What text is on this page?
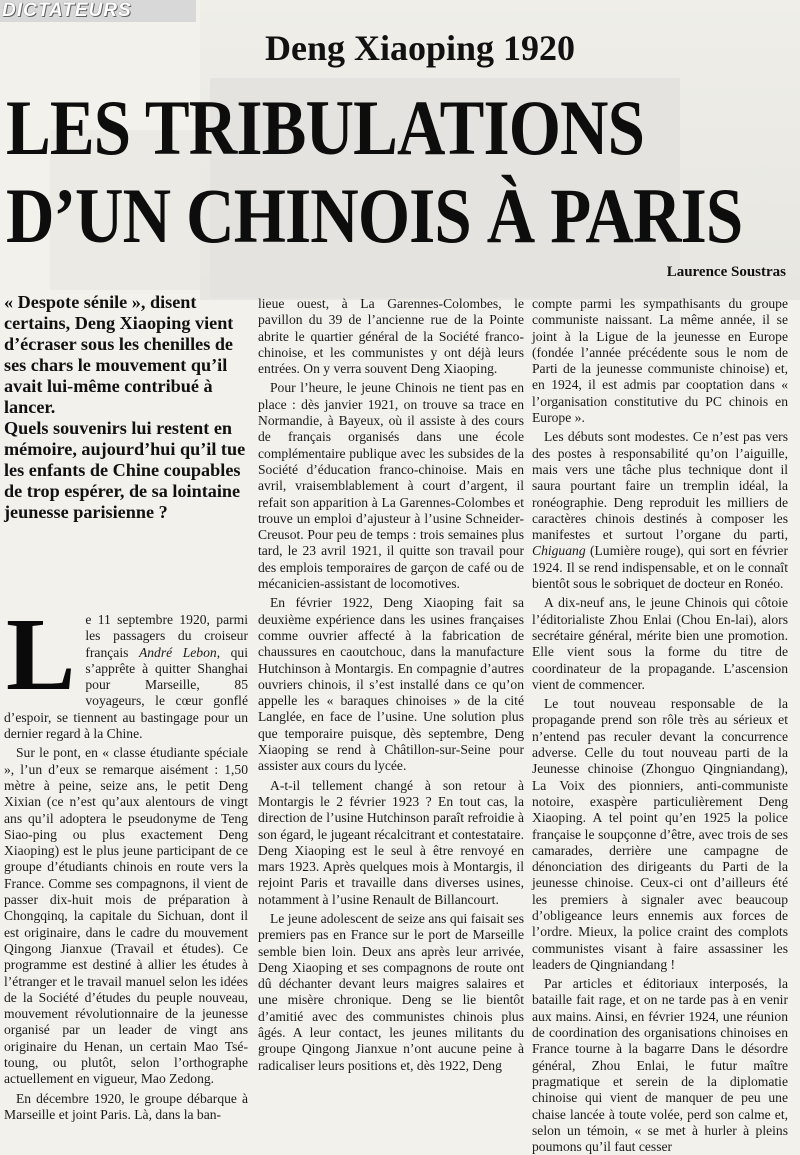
DICTATEURS
Deng Xiaoping 1920
LES TRIBULATIONS
D’UN CHINOIS À PARIS
Laurence Soustras

« Despote sénile », disent certains, Deng Xiaoping vient d’écraser sous les chenilles de ses chars le mouvement qu’il avait lui-même contribué à lancer.

Quels souvenirs lui restent en mémoire, aujourd’hui qu’il tue les enfants de Chine coupables de trop espérer, de sa lointaine jeunesse parisienne ?

Le 11 septembre 1920, parmi les passagers du croiseur français André Lebon, qui s’apprête à quitter Shanghai pour Marseille, 85 voyageurs, le cœur gonflé d’espoir, se tiennent au bastingage pour un dernier regard à la Chine.

Sur le pont, en « classe étudiante spéciale », l’un d’eux se remarque aisément : 1,50 mètre à peine, seize ans, le petit Deng Xixian (ce n’est qu’aux alentours de vingt ans qu’il adoptera le pseudonyme de Teng Siao-ping ou plus exactement Deng Xiaoping) est le plus jeune participant de ce groupe d’étudiants chinois en route vers la France. Comme ses compagnons, il vient de passer dix-huit mois de préparation à Chongqinq, la capitale du Sichuan, dont il est originaire, dans le cadre du mouvement Qingong Jianxue (Travail et études). Ce programme est destiné à allier les études à l’étranger et le travail manuel selon les idées de la Société d’études du peuple nouveau, mouvement révolutionnaire de la jeunesse organisé par un leader de vingt ans originaire du Henan, un certain Mao Tsé-toung, ou plutôt, selon l’orthographe actuellement en vigueur, Mao Zedong.

En décembre 1920, le groupe débarque à Marseille et joint Paris. Là, dans la ban-

lieue ouest, à La Garennes-Colombes, le pavillon du 39 de l’ancienne rue de la Pointe abrite le quartier général de la Société franco-chinoise, et les communistes y ont déjà leurs entrées. On y verra souvent Deng Xiaoping.

Pour l’heure, le jeune Chinois ne tient pas en place : dès janvier 1921, on trouve sa trace en Normandie, à Bayeux, où il assiste à des cours de français organisés dans une école complémentaire publique avec les subsides de la Société d’éducation franco-chinoise. Mais en avril, vraisemblablement à court d’argent, il refait son apparition à La Garennes-Colombes et trouve un emploi d’ajusteur à l’usine Schneider-Creusot. Pour peu de temps : trois semaines plus tard, le 23 avril 1921, il quitte son travail pour des emplois temporaires de garçon de café ou de mécanicien-assistant de locomotives.

En février 1922, Deng Xiaoping fait sa deuxième expérience dans les usines françaises comme ouvrier affecté à la fabrication de chaussures en caoutchouc, dans la manufacture Hutchinson à Montargis. En compagnie d’autres ouvriers chinois, il s’est installé dans ce qu’on appelle les « baraques chinoises » de la cité Langlée, en face de l’usine. Une solution plus que temporaire puisque, dès septembre, Deng Xiaoping se rend à Châtillon-sur-Seine pour assister aux cours du lycée.

A-t-il tellement changé à son retour à Montargis le 2 février 1923 ? En tout cas, la direction de l’usine Hutchinson paraît refroidie à son égard, le jugeant récalcitrant et contestataire. Deng Xiaoping est le seul à être renvoyé en mars 1923. Après quelques mois à Montargis, il rejoint Paris et travaille dans diverses usines, notamment à l’usine Renault de Billancourt.

Le jeune adolescent de seize ans qui faisait ses premiers pas en France sur le port de Marseille semble bien loin. Deux ans après leur arrivée, Deng Xiaoping et ses compagnons de route ont dû déchanter devant leurs maigres salaires et une misère chronique. Deng se lie bientôt d’amitié avec des communistes chinois plus âgés. A leur contact, les jeunes militants du groupe Qingong Jianxue n’ont aucune peine à radicaliser leurs positions et, dès 1922, Deng

compte parmi les sympathisants du groupe communiste naissant. La même année, il se joint à la Ligue de la jeunesse en Europe (fondée l’année précédente sous le nom de Parti de la jeunesse communiste chinoise) et, en 1924, il est admis par cooptation dans « l’organisation constitutive du PC chinois en Europe ».

Les débuts sont modestes. Ce n’est pas vers des postes à responsabilité qu’on l’aiguille, mais vers une tâche plus technique dont il saura pourtant faire un tremplin idéal, la ronéographie. Deng reproduit les milliers de caractères chinois destinés à composer les manifestes et surtout l’organe du parti, Chiguang (Lumière rouge), qui sort en février 1924. Il se rend indispensable, et on le connaît bientôt sous le sobriquet de docteur en Ronéo.

A dix-neuf ans, le jeune Chinois qui côtoie l’éditorialiste Zhou Enlai (Chou En-lai), alors secrétaire général, mérite bien une promotion. Elle vient sous la forme du titre de coordinateur de la propagande. L’ascension vient de commencer.

Le tout nouveau responsable de la propagande prend son rôle très au sérieux et n’entend pas reculer devant la concurrence adverse. Celle du tout nouveau parti de la Jeunesse chinoise (Zhonguo Qingniandang), La Voix des pionniers, anti-communiste notoire, exaspère particulièrement Deng Xiaoping. A tel point qu’en 1925 la police française le soupçonne d’être, avec trois de ses camarades, derrière une campagne de dénonciation des dirigeants du Parti de la jeunesse chinoise. Ceux-ci ont d’ailleurs été les premiers à signaler avec beaucoup d’obligeance leurs ennemis aux forces de l’ordre. Mieux, la police craint des complots communistes visant à faire assassiner les leaders de Qingniandang !

Par articles et éditoriaux interposés, la bataille fait rage, et on ne tarde pas à en venir aux mains. Ainsi, en février 1924, une réunion de coordination des organisations chinoises en France tourne à la bagarre Dans le désordre général, Zhou Enlai, le futur maître pragmatique et serein de la diplomatie chinoise qui vient de manquer de peu une chaise lancée à toute volée, perd son calme et, selon un témoin, « se met à hurler à pleins poumons qu’il faut cesser
